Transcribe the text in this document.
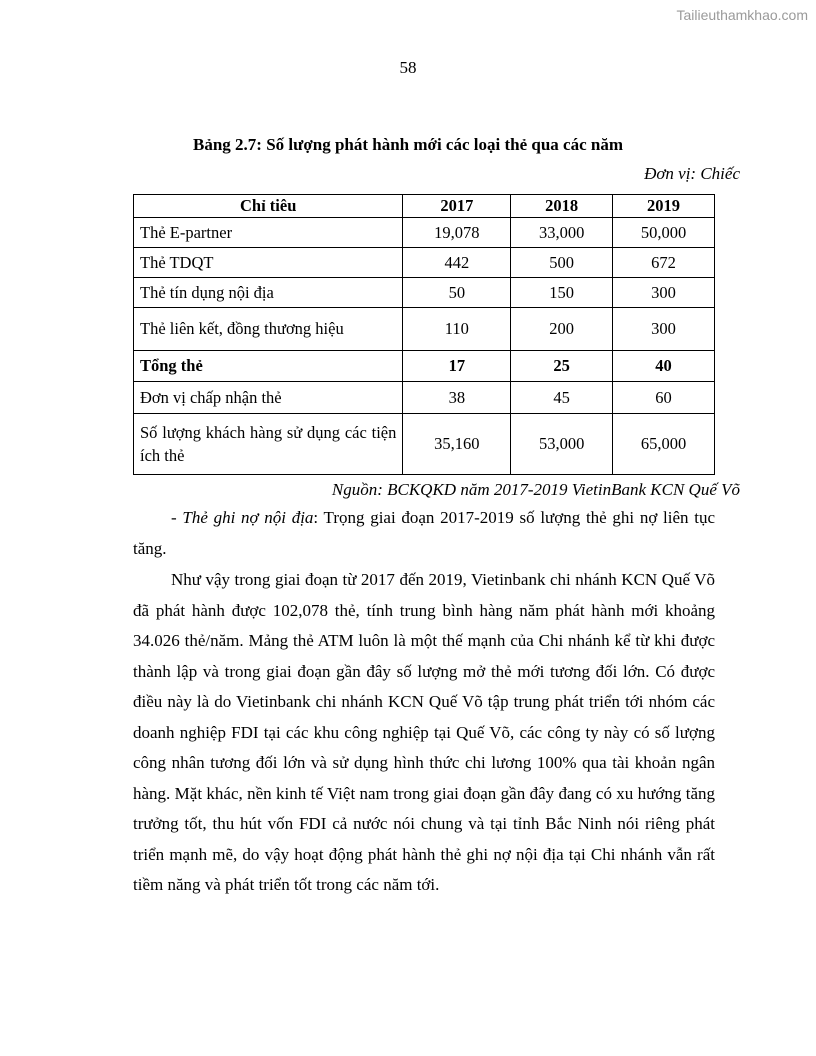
Tailieuthamkhao.com
58
Bảng 2.7: Số lượng phát hành mới các loại thẻ qua các năm
Đơn vị: Chiếc
Chỉ tiêu	2017	2018	2019
Thẻ E-partner	19,078	33,000	50,000
Thẻ TDQT	442	500	672
Thẻ tín dụng nội địa	50	150	300
Thẻ liên kết, đồng thương hiệu	110	200	300
Tổng thẻ	17	25	40
Đơn vị chấp nhận thẻ	38	45	60
Số lượng khách hàng sử dụng các tiện ích thẻ	35,160	53,000	65,000
Nguồn: BCKQKD năm 2017-2019 VietinBank KCN Quế Võ

- Thẻ ghi nợ nội địa: Trọng giai đoạn 2017-2019 số lượng thẻ ghi nợ liên tục tăng.

Như vậy trong giai đoạn từ 2017 đến 2019, Vietinbank chi nhánh KCN Quế Võ đã phát hành được 102,078 thẻ, tính trung bình hàng năm phát hành mới khoảng 34.026 thẻ/năm. Mảng thẻ ATM luôn là một thế mạnh của Chi nhánh kể từ khi được thành lập và trong giai đoạn gần đây số lượng mở thẻ mới tương đối lớn. Có được điều này là do Vietinbank chi nhánh KCN Quế Võ tập trung phát triển tới nhóm các doanh nghiệp FDI tại các khu công nghiệp tại Quế Võ, các công ty này có số lượng công nhân tương đối lớn và sử dụng hình thức chi lương 100% qua tài khoản ngân hàng. Mặt khác, nền kinh tế Việt nam trong giai đoạn gần đây đang có xu hướng tăng trưởng tốt, thu hút vốn FDI cả nước nói chung và tại tỉnh Bắc Ninh nói riêng phát triển mạnh mẽ, do vậy hoạt động phát hành thẻ ghi nợ nội địa tại Chi nhánh vẫn rất tiềm năng và phát triển tốt trong các năm tới.
